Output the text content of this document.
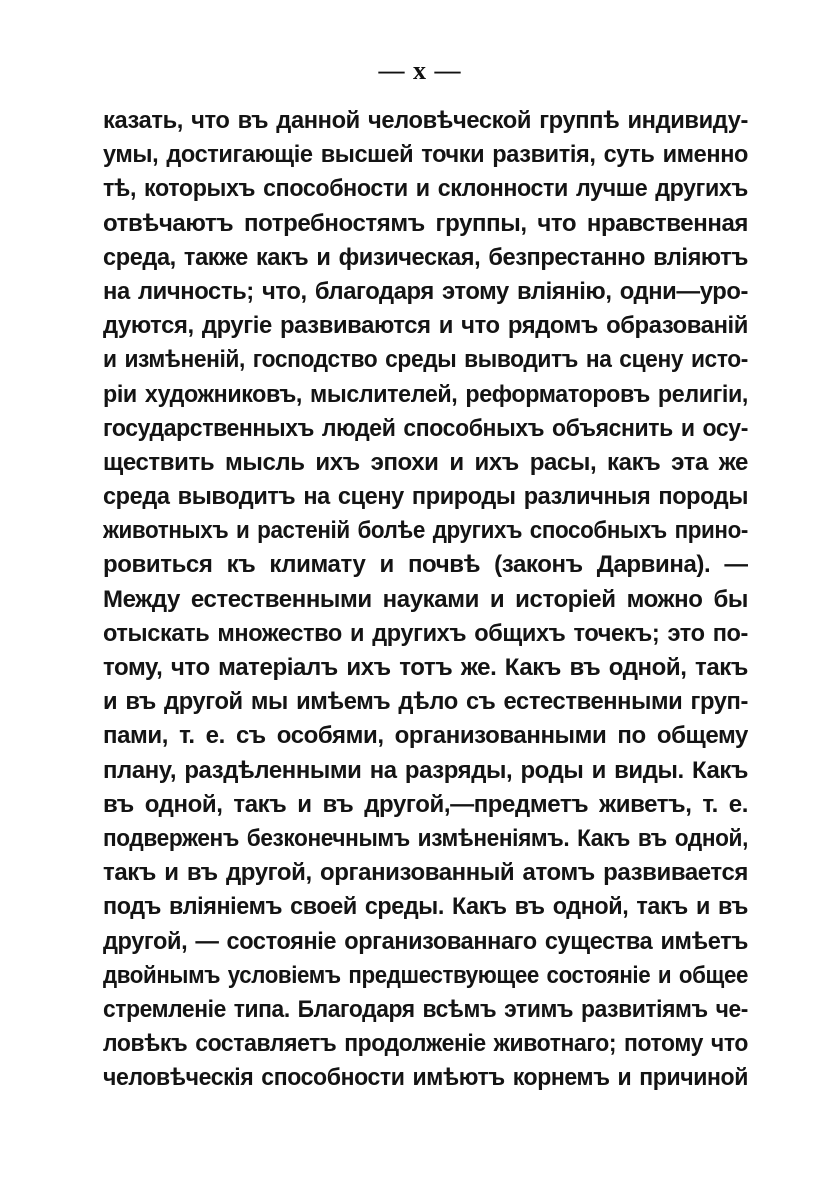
— x —
казать, что въ данной человѣческой группѣ индивиду-
умы, достигающіе высшей точки развитія, суть именно
тѣ, которыхъ способности и склонности лучше другихъ
отвѣчаютъ потребностямъ группы, что нравственная
среда, также какъ и физическая, безпрестанно вліяютъ
на личность; что, благодаря этому вліянію, одни—уро-
дуются, другіе развиваются и что рядомъ образованій
и измѣненій, господство среды выводитъ на сцену исто-
ріи художниковъ, мыслителей, реформаторовъ религіи,
государственныхъ людей способныхъ объяснить и осу-
ществить мысль ихъ эпохи и ихъ расы, какъ эта же
среда выводитъ на сцену природы различныя породы
животныхъ и растеній болѣе другихъ способныхъ прино-
ровиться къ климату и почвѣ (законъ Дарвина). —
Между естественными науками и исторіей можно бы
отыскать множество и другихъ общихъ точекъ; это по-
тому, что матеріалъ ихъ тотъ же. Какъ въ одной, такъ
и въ другой мы имѣемъ дѣло съ естественными груп-
пами, т. е. съ особями, организованными по общему
плану, раздѣленными на разряды, роды и виды. Какъ
въ одной, такъ и въ другой,—предметъ живетъ, т. е.
подверженъ безконечнымъ измѣненіямъ. Какъ въ одной,
такъ и въ другой, организованный атомъ развивается
подъ вліяніемъ своей среды. Какъ въ одной, такъ и въ
другой, — состояніе организованнаго существа имѣетъ
двойнымъ условіемъ предшествующее состояніе и общее
стремленіе типа. Благодаря всѣмъ этимъ развитіямъ че-
ловѣкъ составляетъ продолженіе животнаго; потому что
человѣческія способности имѣютъ корнемъ и причиной
